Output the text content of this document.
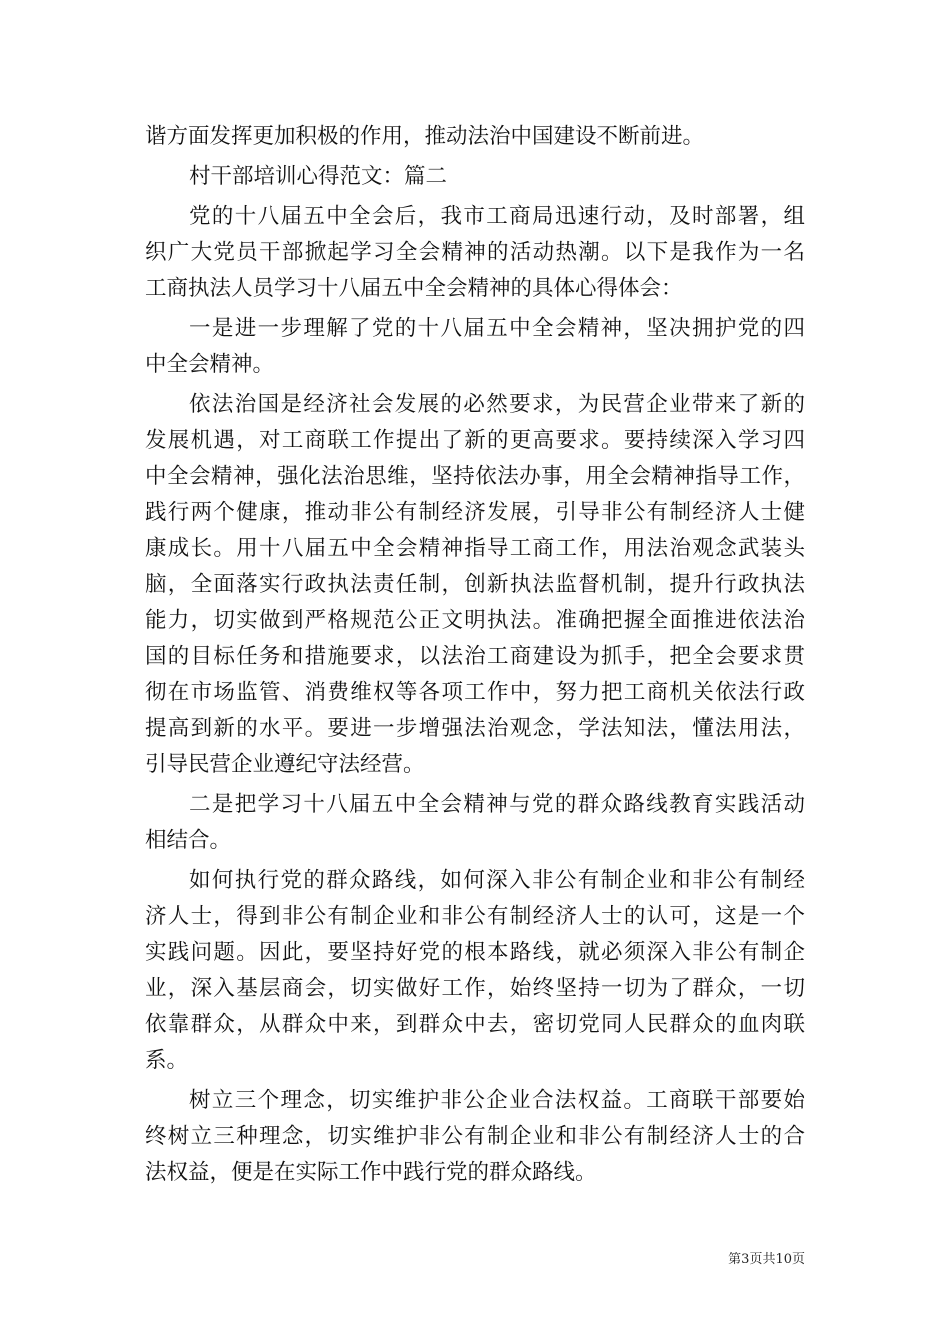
谐方面发挥更加积极的作用，推动法治中国建设不断前进。
村干部培训心得范文：篇二
党的十八届五中全会后，我市工商局迅速行动，及时部署，组
织广大党员干部掀起学习全会精神的活动热潮。以下是我作为一名
工商执法人员学习十八届五中全会精神的具体心得体会：
一是进一步理解了党的十八届五中全会精神，坚决拥护党的四
中全会精神。
依法治国是经济社会发展的必然要求，为民营企业带来了新的
发展机遇，对工商联工作提出了新的更高要求。要持续深入学习四
中全会精神，强化法治思维，坚持依法办事，用全会精神指导工作，
践行两个健康，推动非公有制经济发展，引导非公有制经济人士健
康成长。用十八届五中全会精神指导工商工作，用法治观念武装头
脑，全面落实行政执法责任制，创新执法监督机制，提升行政执法
能力，切实做到严格规范公正文明执法。准确把握全面推进依法治
国的目标任务和措施要求，以法治工商建设为抓手，把全会要求贯
彻在市场监管、消费维权等各项工作中，努力把工商机关依法行政
提高到新的水平。要进一步增强法治观念，学法知法，懂法用法，
引导民营企业遵纪守法经营。
二是把学习十八届五中全会精神与党的群众路线教育实践活动
相结合。
如何执行党的群众路线，如何深入非公有制企业和非公有制经
济人士，得到非公有制企业和非公有制经济人士的认可，这是一个
实践问题。因此，要坚持好党的根本路线，就必须深入非公有制企
业，深入基层商会，切实做好工作，始终坚持一切为了群众，一切
依靠群众，从群众中来，到群众中去，密切党同人民群众的血肉联
系。
树立三个理念，切实维护非公企业合法权益。工商联干部要始
终树立三种理念，切实维护非公有制企业和非公有制经济人士的合
法权益，便是在实际工作中践行党的群众路线。
第3页共10页
